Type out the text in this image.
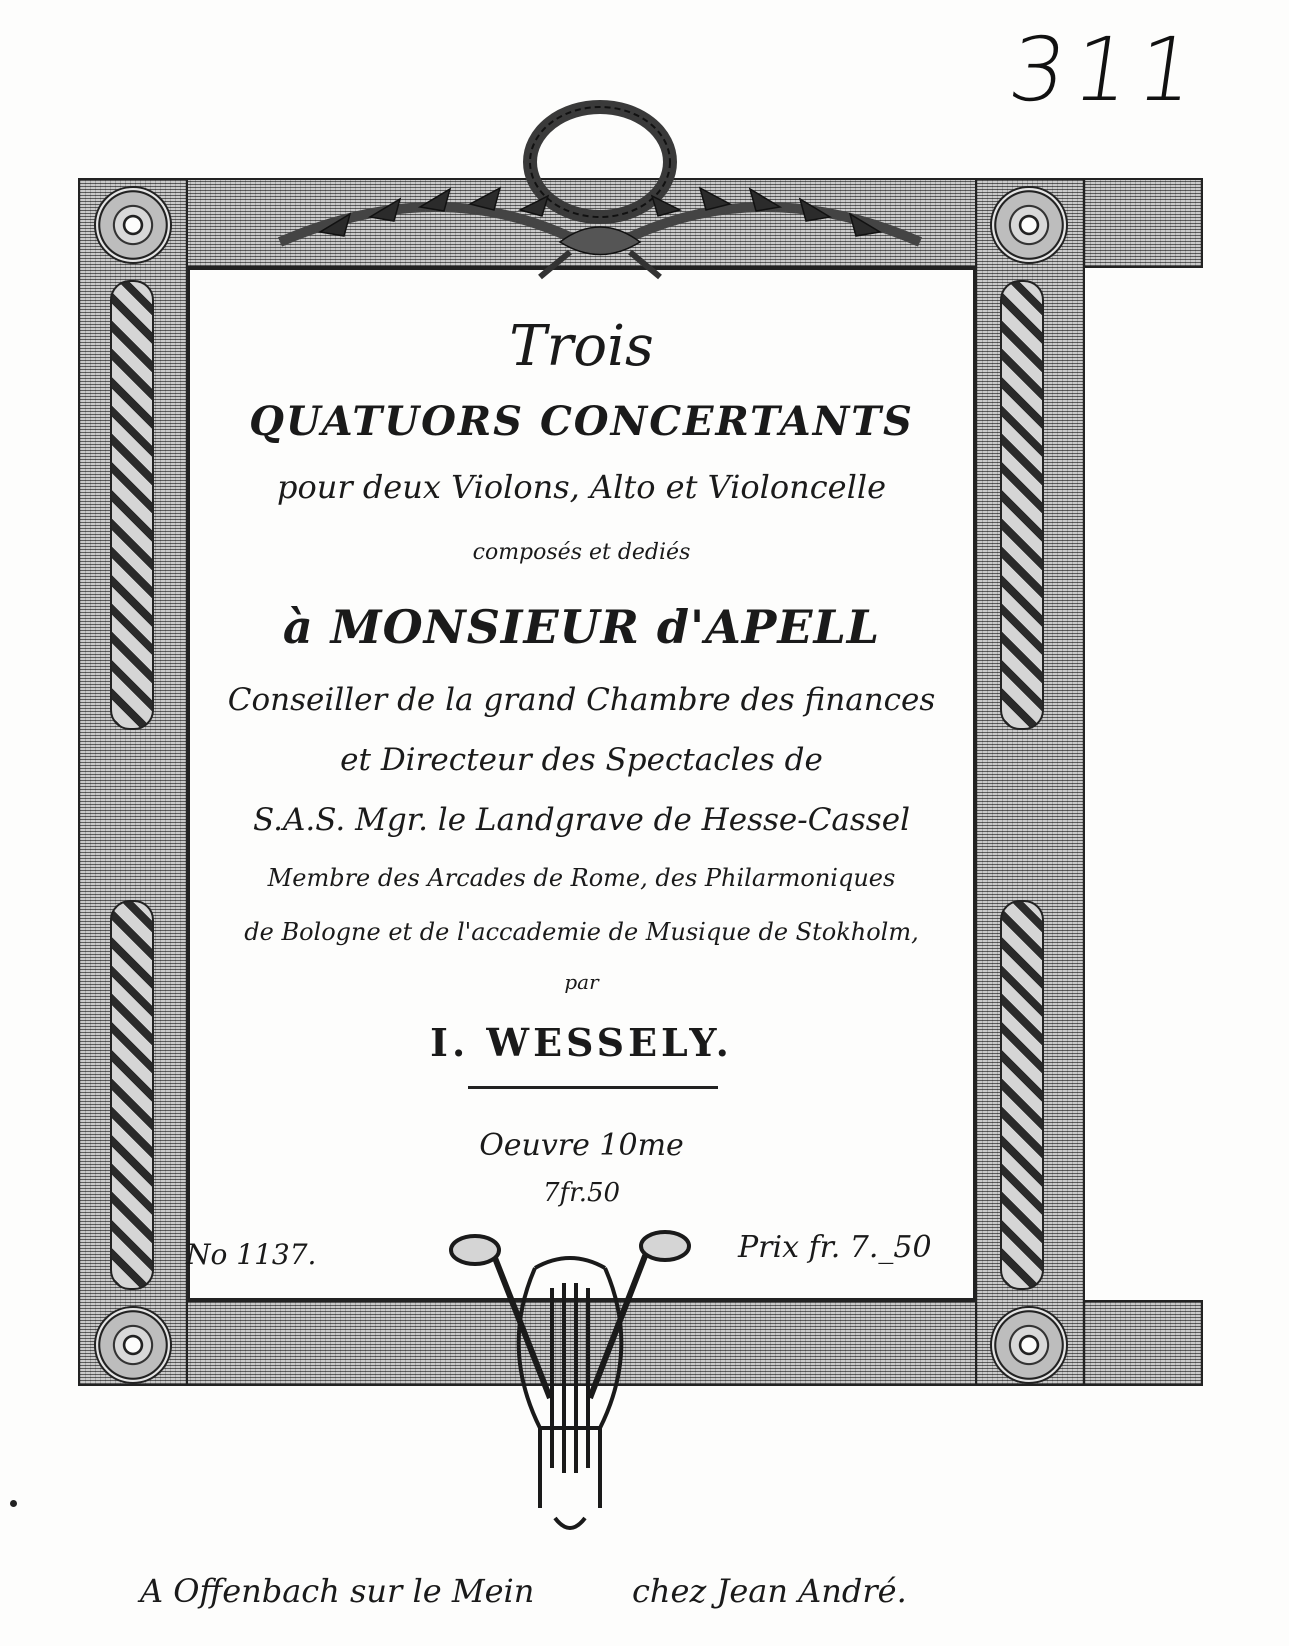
311
Trois
QUATUORS CONCERTANTS
pour deux Violons, Alto et Violoncelle
composés et dediés
à MONSIEUR d'APELL
Conseiller de la grand Chambre des finances
et Directeur des Spectacles de
S.A.S. Mgr. le Landgrave de Hesse-Cassel
Membre des Arcades de Rome, des Philarmoniques
de Bologne et de l'accademie de Musique de Stokholm,
par
I. WESSELY.
Oeuvre 10me
7fr.50
No 1137.	Prix fr. 7._50
A Offenbach sur le Mein	chez Jean André.
